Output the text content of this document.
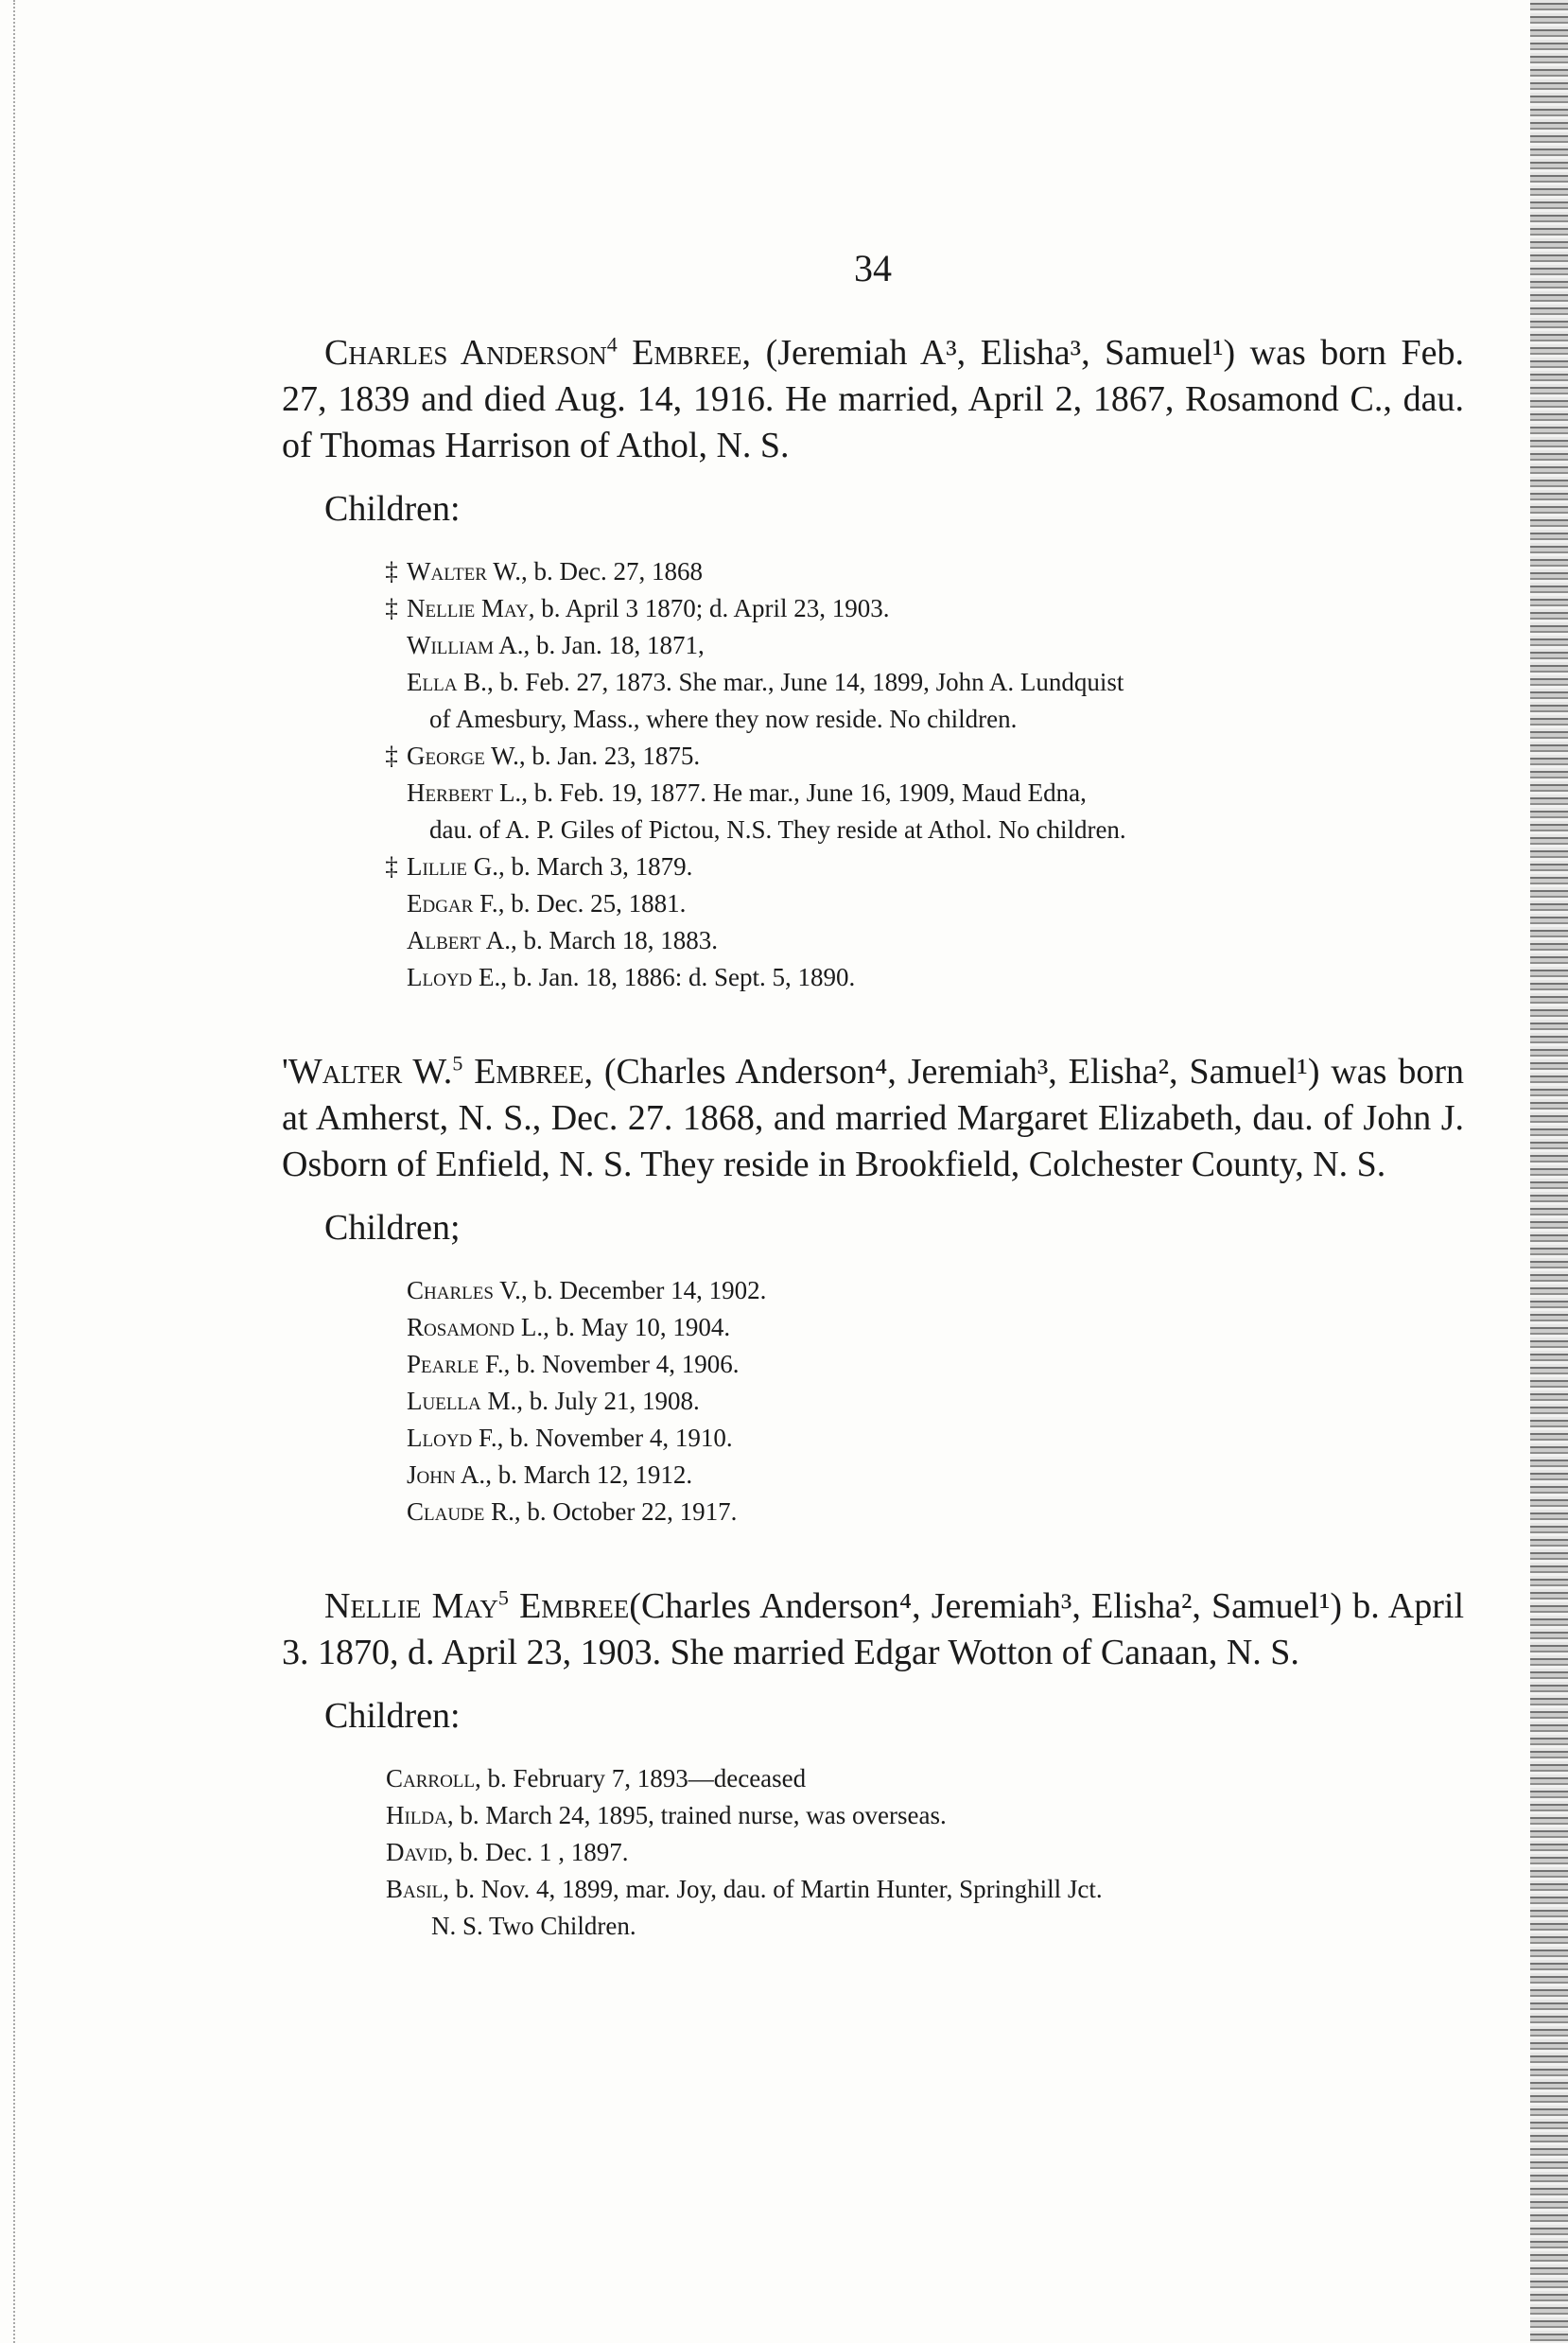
34

Charles Anderson$^4$ Embree, (Jeremiah A³, Elisha³, Samuel¹) was born Feb. 27, 1839 and died Aug. 14, 1916. He married, April 2, 1867, Rosamond C., dau. of Thomas Harrison of Athol, N. S.

Children:
‡ Walter W., b. Dec. 27, 1868
‡ Nellie May, b. April 3 1870; d. April 23, 1903.
William A., b. Jan. 18, 1871,
Ella B., b. Feb. 27, 1873. She mar., June 14, 1899, John A. Lundquist
of Amesbury, Mass., where they now reside. No children.
‡ George W., b. Jan. 23, 1875.
Herbert L., b. Feb. 19, 1877. He mar., June 16, 1909, Maud Edna,
dau. of A. P. Giles of Pictou, N.S. They reside at Athol. No children.
‡ Lillie G., b. March 3, 1879.
Edgar F., b. Dec. 25, 1881.
Albert A., b. March 18, 1883.
Lloyd E., b. Jan. 18, 1886: d. Sept. 5, 1890.

'Walter W.$^5$ Embree, (Charles Anderson⁴, Jeremiah³, Elisha², Samuel¹) was born at Amherst, N. S., Dec. 27. 1868, and married Margaret Elizabeth, dau. of John J. Osborn of Enfield, N. S. They reside in Brookfield, Colchester County, N. S.

Children;
Charles V., b. December 14, 1902.
Rosamond L., b. May 10, 1904.
Pearle F., b. November 4, 1906.
Luella M., b. July 21, 1908.
Lloyd F., b. November 4, 1910.
John A., b. March 12, 1912.
Claude R., b. October 22, 1917.

Nellie May$^5$ Embree(Charles Anderson⁴, Jeremiah³, Elisha², Samuel¹) b. April 3. 1870, d. April 23, 1903. She married Edgar Wotton of Canaan, N. S.

Children:
Carroll, b. February 7, 1893—deceased
Hilda, b. March 24, 1895, trained nurse, was overseas.
David, b. Dec. 1 , 1897.
Basil, b. Nov. 4, 1899, mar. Joy, dau. of Martin Hunter, Springhill Jct.
N. S. Two Children.
